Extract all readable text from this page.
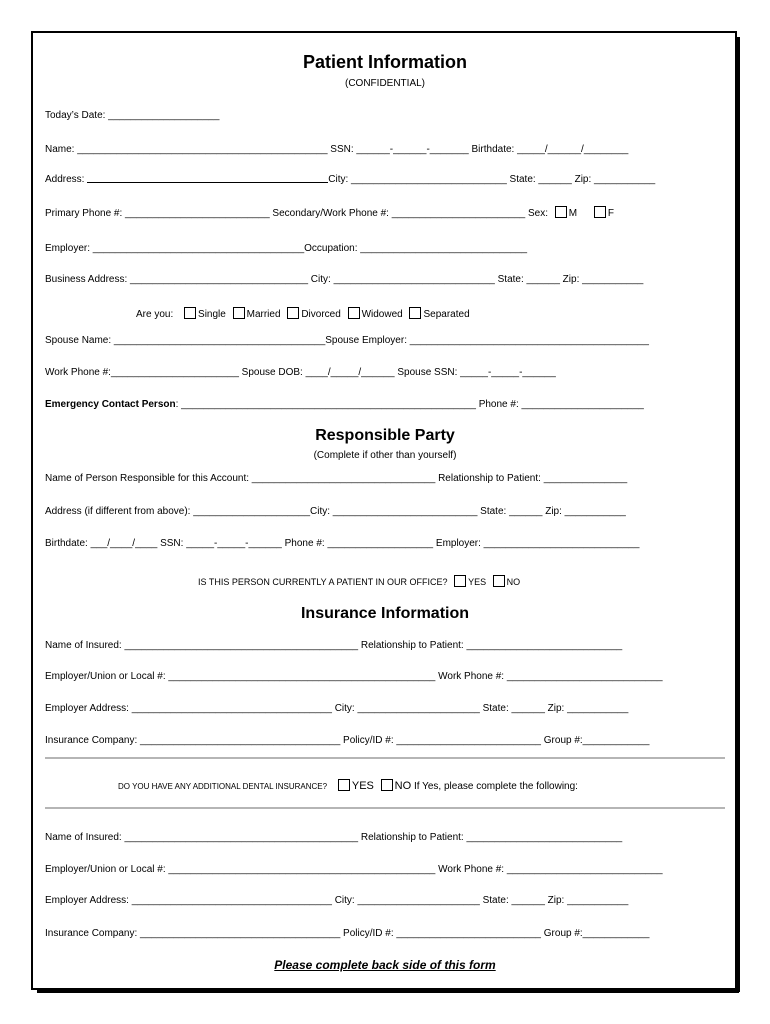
Patient Information
(CONFIDENTIAL)
Today’s Date: ____________________
Name: _____________________________________________ SSN: ______-______-_______ Birthdate: _____/______/________
Address:	City: ____________________________ State: ______ Zip: ___________
Primary Phone #: __________________________ Secondary/Work Phone #: ________________________ Sex: M	F
Employer: ______________________________________Occupation: ______________________________
Business Address: ________________________________ City: _____________________________ State: ______ Zip: ___________
Are you: Single Married Divorced Widowed Separated
Spouse Name: ______________________________________Spouse Employer: ___________________________________________
Work Phone #:_______________________ Spouse DOB: ____/_____/______ Spouse SSN: _____-_____-______
Emergency Contact Person: _____________________________________________________ Phone #: ______________________
Responsible Party
(Complete if other than yourself)
Name of Person Responsible for this Account: _________________________________ Relationship to Patient: _______________
Address (if different from above): _____________________City: __________________________ State: ______ Zip: ___________
Birthdate: ___/____/____ SSN: _____-_____-______ Phone #: ___________________ Employer: ____________________________
IS THIS PERSON CURRENTLY A PATIENT IN OUR OFFICE? YES NO
Insurance Information
Name of Insured: __________________________________________ Relationship to Patient: ____________________________
Employer/Union or Local #: ________________________________________________ Work Phone #: ____________________________
Employer Address: ____________________________________ City: ______________________ State: ______ Zip: ___________
Insurance Company: ____________________________________ Policy/ID #: __________________________ Group #:____________
DO YOU HAVE ANY ADDITIONAL DENTAL INSURANCE? YES NO If Yes, please complete the following:
Name of Insured: __________________________________________ Relationship to Patient: ____________________________
Employer/Union or Local #: ________________________________________________ Work Phone #: ____________________________
Employer Address: ____________________________________ City: ______________________ State: ______ Zip: ___________
Insurance Company: ____________________________________ Policy/ID #: __________________________ Group #:____________
Please complete back side of this form
